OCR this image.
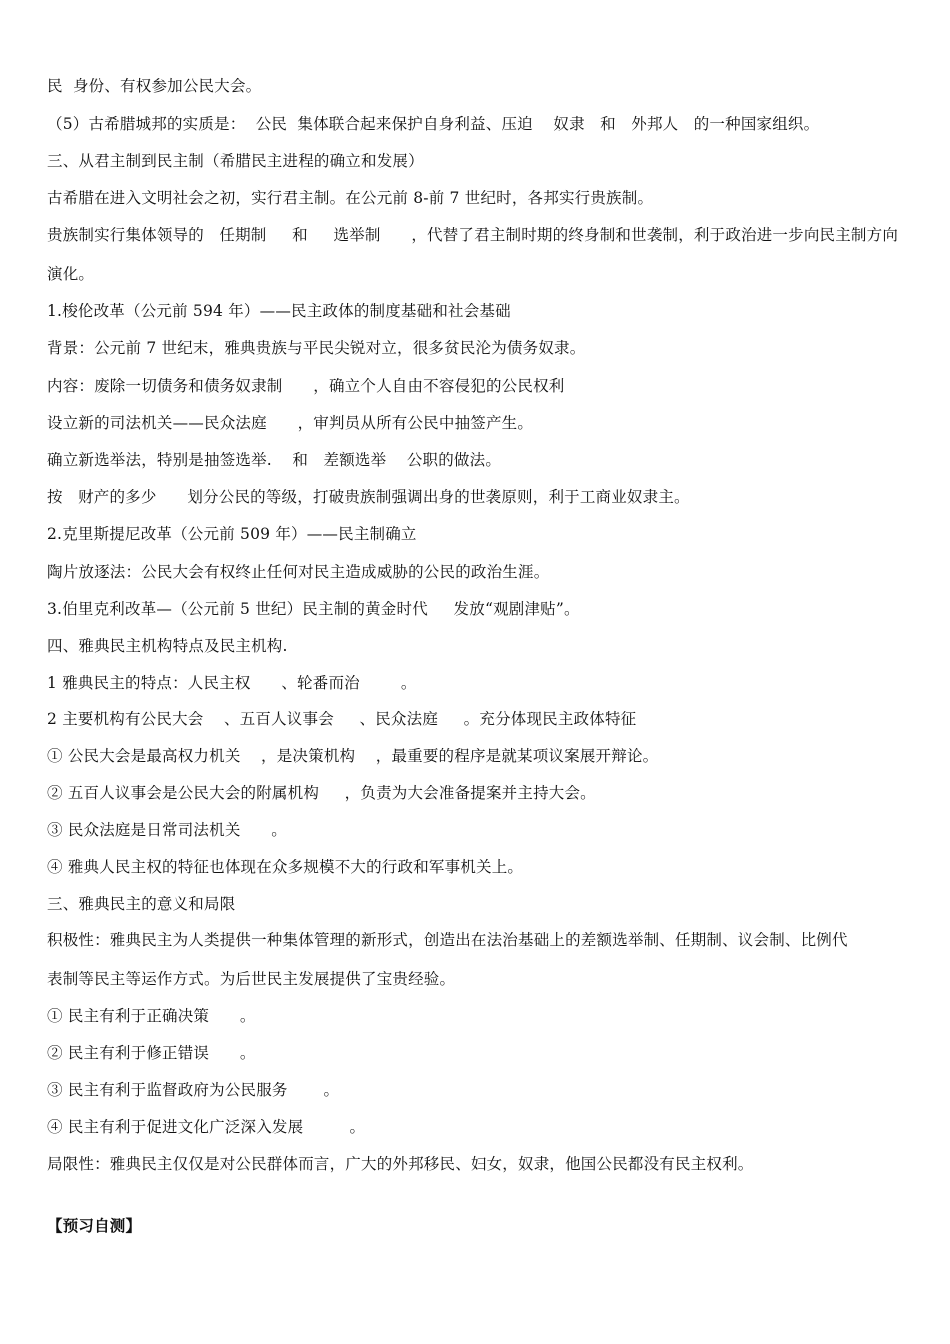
民  身份、有权参加公民大会。
（5）古希腊城邦的实质是：  公民  集体联合起来保护自身利益、压迫    奴隶   和   外邦人   的一种国家组织。
三、从君主制到民主制（希腊民主进程的确立和发展）
古希腊在进入文明社会之初，实行君主制。在公元前 8-前 7 世纪时，各邦实行贵族制。
贵族制实行集体领导的   任期制     和     选举制      ，代替了君主制时期的终身制和世袭制，利于政治进一步向民主制方向
演化。
1.梭伦改革（公元前 594 年）——民主政体的制度基础和社会基础
背景：公元前 7 世纪末，雅典贵族与平民尖锐对立，很多贫民沦为债务奴隶。
内容：废除一切债务和债务奴隶制      ，确立个人自由不容侵犯的公民权利
设立新的司法机关——民众法庭      ，审判员从所有公民中抽签产生。
确立新选举法，特别是抽签选举.    和   差额选举    公职的做法。
按   财产的多少      划分公民的等级，打破贵族制强调出身的世袭原则，利于工商业奴隶主。
2.克里斯提尼改革（公元前 509 年）——民主制确立
陶片放逐法：公民大会有权终止任何对民主造成威胁的公民的政治生涯。
3.伯里克利改革—（公元前 5 世纪）民主制的黄金时代     发放“观剧津贴”。
四、雅典民主机构特点及民主机构.
1 雅典民主的特点：人民主权      、轮番而治        。
2 主要机构有公民大会    、五百人议事会     、民众法庭     。充分体现民主政体特征
① 公民大会是最高权力机关    ，是决策机构    ，最重要的程序是就某项议案展开辩论。
② 五百人议事会是公民大会的附属机构     ，负责为大会准备提案并主持大会。
③ 民众法庭是日常司法机关      。
④ 雅典人民主权的特征也体现在众多规模不大的行政和军事机关上。
三、雅典民主的意义和局限
积极性：雅典民主为人类提供一种集体管理的新形式，创造出在法治基础上的差额选举制、任期制、议会制、比例代
表制等民主等运作方式。为后世民主发展提供了宝贵经验。
① 民主有利于正确决策      。
② 民主有利于修正错误      。
③ 民主有利于监督政府为公民服务       。
④ 民主有利于促进文化广泛深入发展         。
局限性：雅典民主仅仅是对公民群体而言，广大的外邦移民、妇女，奴隶，他国公民都没有民主权利。
【预习自测】
